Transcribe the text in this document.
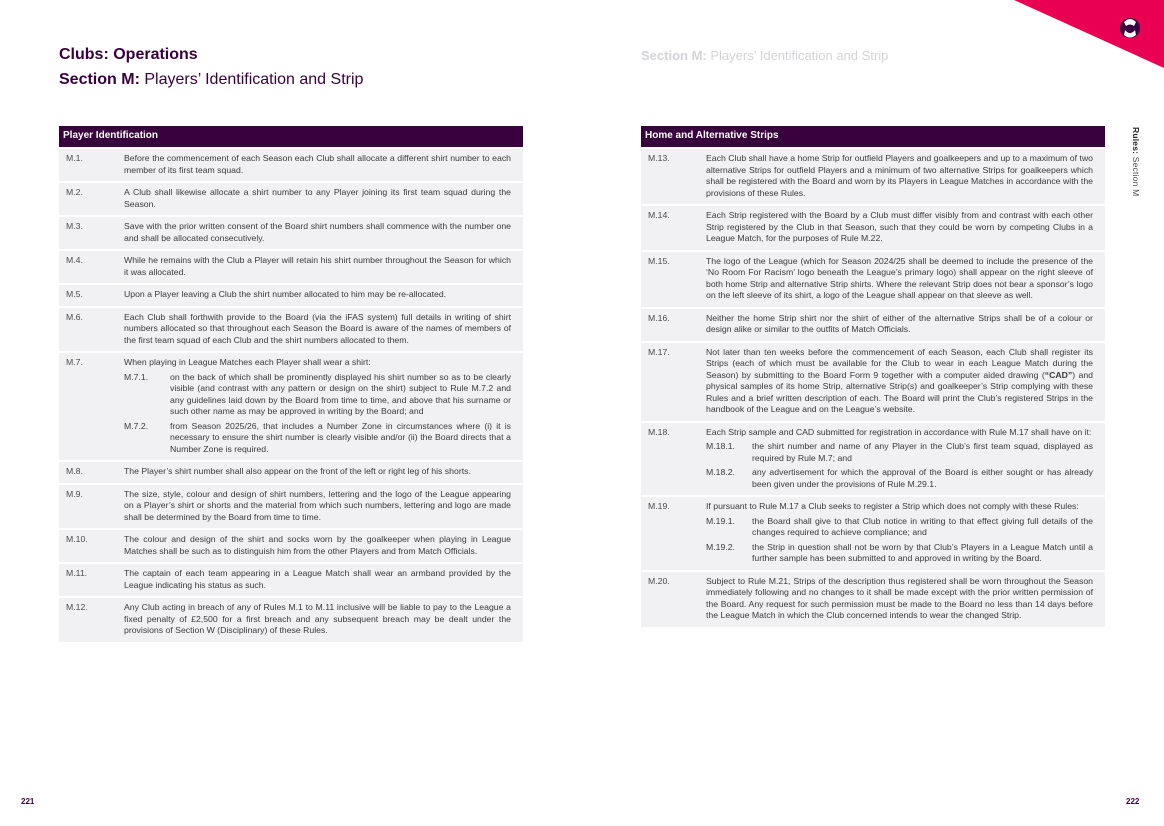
Rules: Section M
Clubs: Operations
Section M: Players’ Identification and Strip
Section M: Players’ Identification and Strip
Player Identification
M.1.	Before the commencement of each Season each Club shall allocate a different shirt number to each member of its first team squad.
M.2.	A Club shall likewise allocate a shirt number to any Player joining its first team squad during the Season.
M.3.	Save with the prior written consent of the Board shirt numbers shall commence with the number one and shall be allocated consecutively.
M.4.	While he remains with the Club a Player will retain his shirt number throughout the Season for which it was allocated.
M.5.	Upon a Player leaving a Club the shirt number allocated to him may be re-allocated.
M.6.	Each Club shall forthwith provide to the Board (via the iFAS system) full details in writing of shirt numbers allocated so that throughout each Season the Board is aware of the names of members of the first team squad of each Club and the shirt numbers allocated to them.
M.7.	When playing in League Matches each Player shall wear a shirt:
M.7.1.	on the back of which shall be prominently displayed his shirt number so as to be clearly visible (and contrast with any pattern or design on the shirt) subject to Rule M.7.2 and any guidelines laid down by the Board from time to time, and above that his surname or such other name as may be approved in writing by the Board; and
M.7.2.	from Season 2025/26, that includes a Number Zone in circumstances where (i) it is necessary to ensure the shirt number is clearly visible and/or (ii) the Board directs that a Number Zone is required.
M.8.	The Player’s shirt number shall also appear on the front of the left or right leg of his shorts.
M.9.	The size, style, colour and design of shirt numbers, lettering and the logo of the League appearing on a Player’s shirt or shorts and the material from which such numbers, lettering and logo are made shall be determined by the Board from time to time.
M.10.	The colour and design of the shirt and socks worn by the goalkeeper when playing in League Matches shall be such as to distinguish him from the other Players and from Match Officials.
M.11.	The captain of each team appearing in a League Match shall wear an armband provided by the League indicating his status as such.
M.12.	Any Club acting in breach of any of Rules M.1 to M.11 inclusive will be liable to pay to the League a fixed penalty of £2,500 for a first breach and any subsequent breach may be dealt under the provisions of Section W (Disciplinary) of these Rules.
Home and Alternative Strips
M.13.	Each Club shall have a home Strip for outfield Players and goalkeepers and up to a maximum of two alternative Strips for outfield Players and a minimum of two alternative Strips for goalkeepers which shall be registered with the Board and worn by its Players in League Matches in accordance with the provisions of these Rules.
M.14.	Each Strip registered with the Board by a Club must differ visibly from and contrast with each other Strip registered by the Club in that Season, such that they could be worn by competing Clubs in a League Match, for the purposes of Rule M.22.
M.15.	The logo of the League (which for Season 2024/25 shall be deemed to include the presence of the ‘No Room For Racism’ logo beneath the League’s primary logo) shall appear on the right sleeve of both home Strip and alternative Strip shirts. Where the relevant Strip does not bear a sponsor’s logo on the left sleeve of its shirt, a logo of the League shall appear on that sleeve as well.
M.16.	Neither the home Strip shirt nor the shirt of either of the alternative Strips shall be of a colour or design alike or similar to the outfits of Match Officials.
M.17.	Not later than ten weeks before the commencement of each Season, each Club shall register its Strips (each of which must be available for the Club to wear in each League Match during the Season) by submitting to the Board Form 9 together with a computer aided drawing (“CAD”) and physical samples of its home Strip, alternative Strip(s) and goalkeeper’s Strip complying with these Rules and a brief written description of each. The Board will print the Club’s registered Strips in the handbook of the League and on the League’s website.
M.18.	Each Strip sample and CAD submitted for registration in accordance with Rule M.17 shall have on it:
M.18.1.	the shirt number and name of any Player in the Club’s first team squad, displayed as required by Rule M.7; and
M.18.2.	any advertisement for which the approval of the Board is either sought or has already been given under the provisions of Rule M.29.1.
M.19.	If pursuant to Rule M.17 a Club seeks to register a Strip which does not comply with these Rules:
M.19.1.	the Board shall give to that Club notice in writing to that effect giving full details of the changes required to achieve compliance; and
M.19.2.	the Strip in question shall not be worn by that Club’s Players in a League Match until a further sample has been submitted to and approved in writing by the Board.
M.20.	Subject to Rule M.21, Strips of the description thus registered shall be worn throughout the Season immediately following and no changes to it shall be made except with the prior written permission of the Board. Any request for such permission must be made to the Board no less than 14 days before the League Match in which the Club concerned intends to wear the changed Strip.
221	222
